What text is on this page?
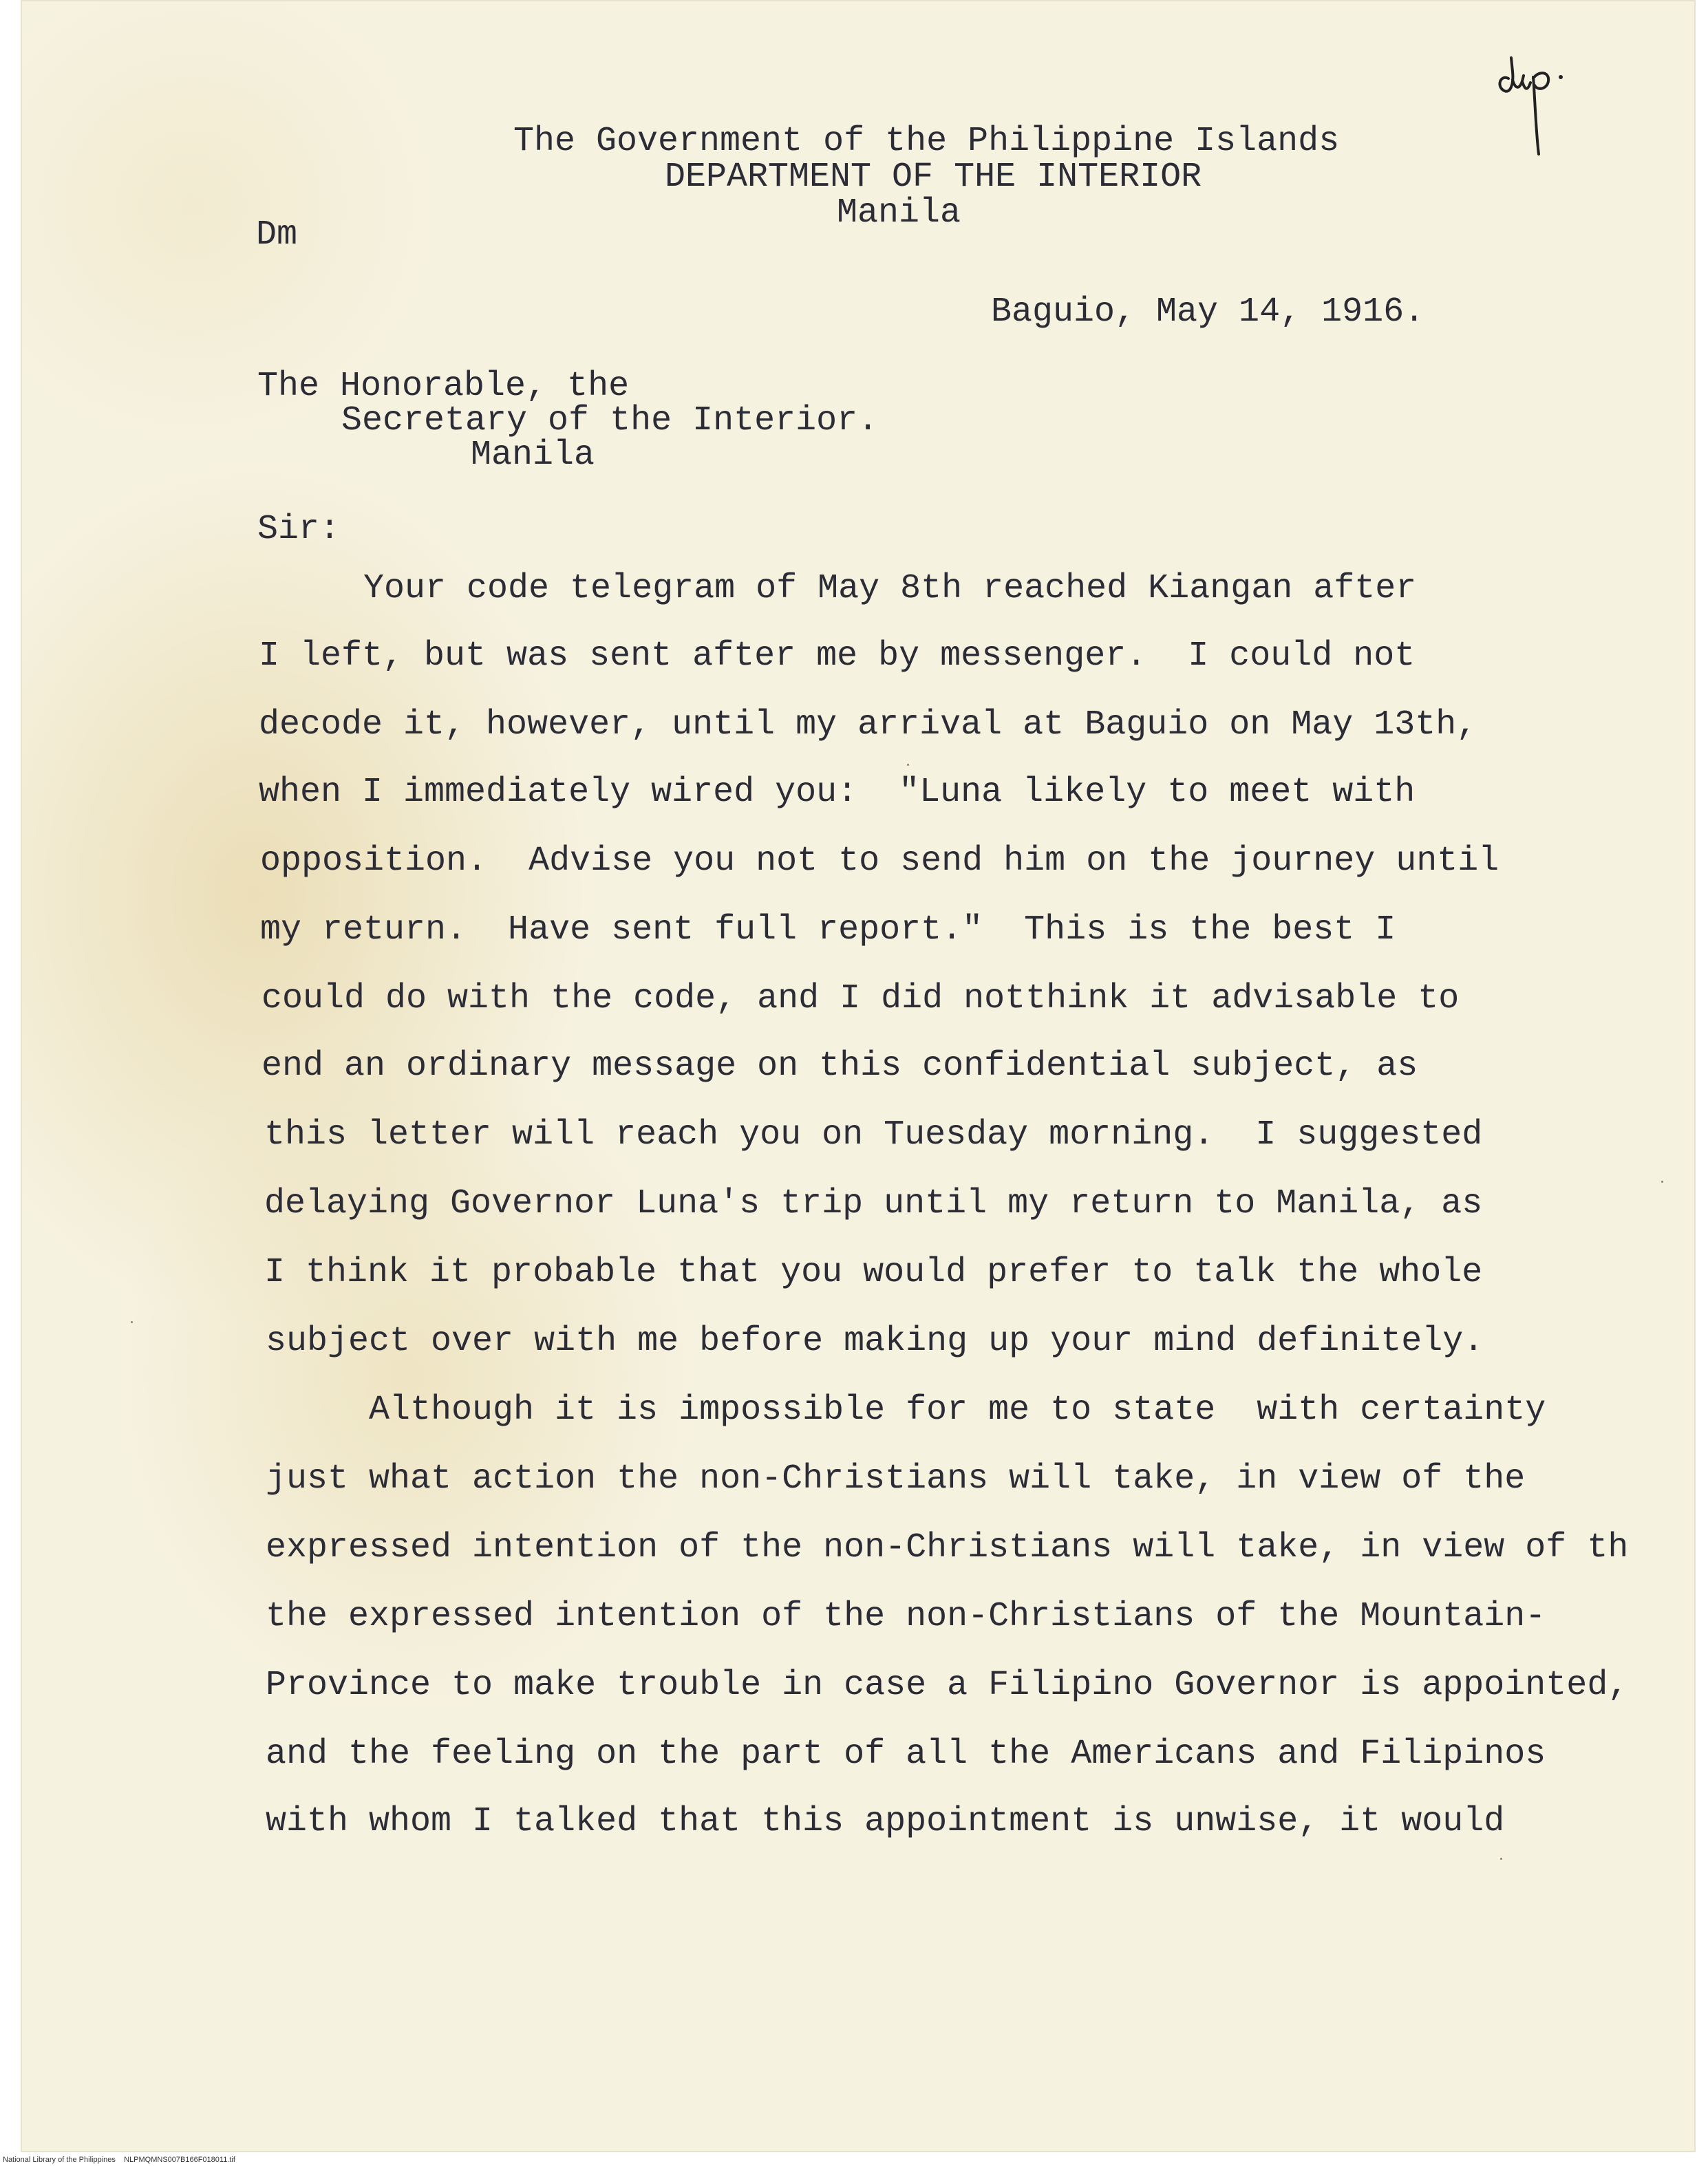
The Government of the Philippine Islands
DEPARTMENT OF THE INTERIOR
Manila
Dm
Baguio, May 14, 1916.
The Honorable, the
Secretary of the Interior.
Manila
Sir:
Your code telegram of May 8th reached Kiangan after
I left, but was sent after me by messenger.  I could not
decode it, however, until my arrival at Baguio on May 13th,
when I immediately wired you:  "Luna likely to meet with
opposition.  Advise you not to send him on the journey until
my return.  Have sent full report."  This is the best I
could do with the code, and I did notthink it advisable to
end an ordinary message on this confidential subject, as
this letter will reach you on Tuesday morning.  I suggested
delaying Governor Luna's trip until my return to Manila, as
I think it probable that you would prefer to talk the whole
subject over with me before making up your mind definitely.
Although it is impossible for me to state  with certainty
just what action the non-Christians will take, in view of the
expressed intention of the non-Christians will take, in view of th
the expressed intention of the non-Christians of the Mountain-
Province to make trouble in case a Filipino Governor is appointed,
and the feeling on the part of all the Americans and Filipinos
with whom I talked that this appointment is unwise, it would
National Library of the Philippines    NLPMQMNS007B166F018011.tif
